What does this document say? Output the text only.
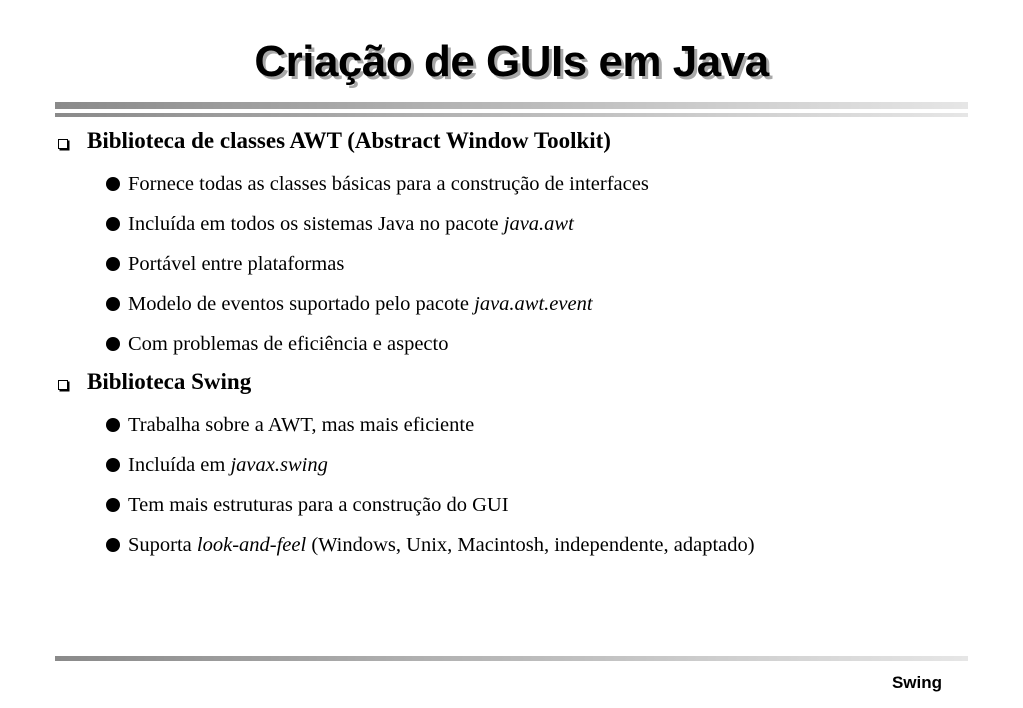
Criação de GUIs em Java
Biblioteca de classes AWT (Abstract Window Toolkit)
Fornece todas as classes básicas para a construção de interfaces
Incluída em todos os sistemas Java no pacote java.awt
Portável entre plataformas
Modelo de eventos suportado pelo pacote java.awt.event
Com problemas de eficiência e aspecto
Biblioteca Swing
Trabalha sobre a AWT, mas mais eficiente
Incluída em javax.swing
Tem mais estruturas para a construção do GUI
Suporta look-and-feel (Windows, Unix, Macintosh, independente, adaptado)
Swing
